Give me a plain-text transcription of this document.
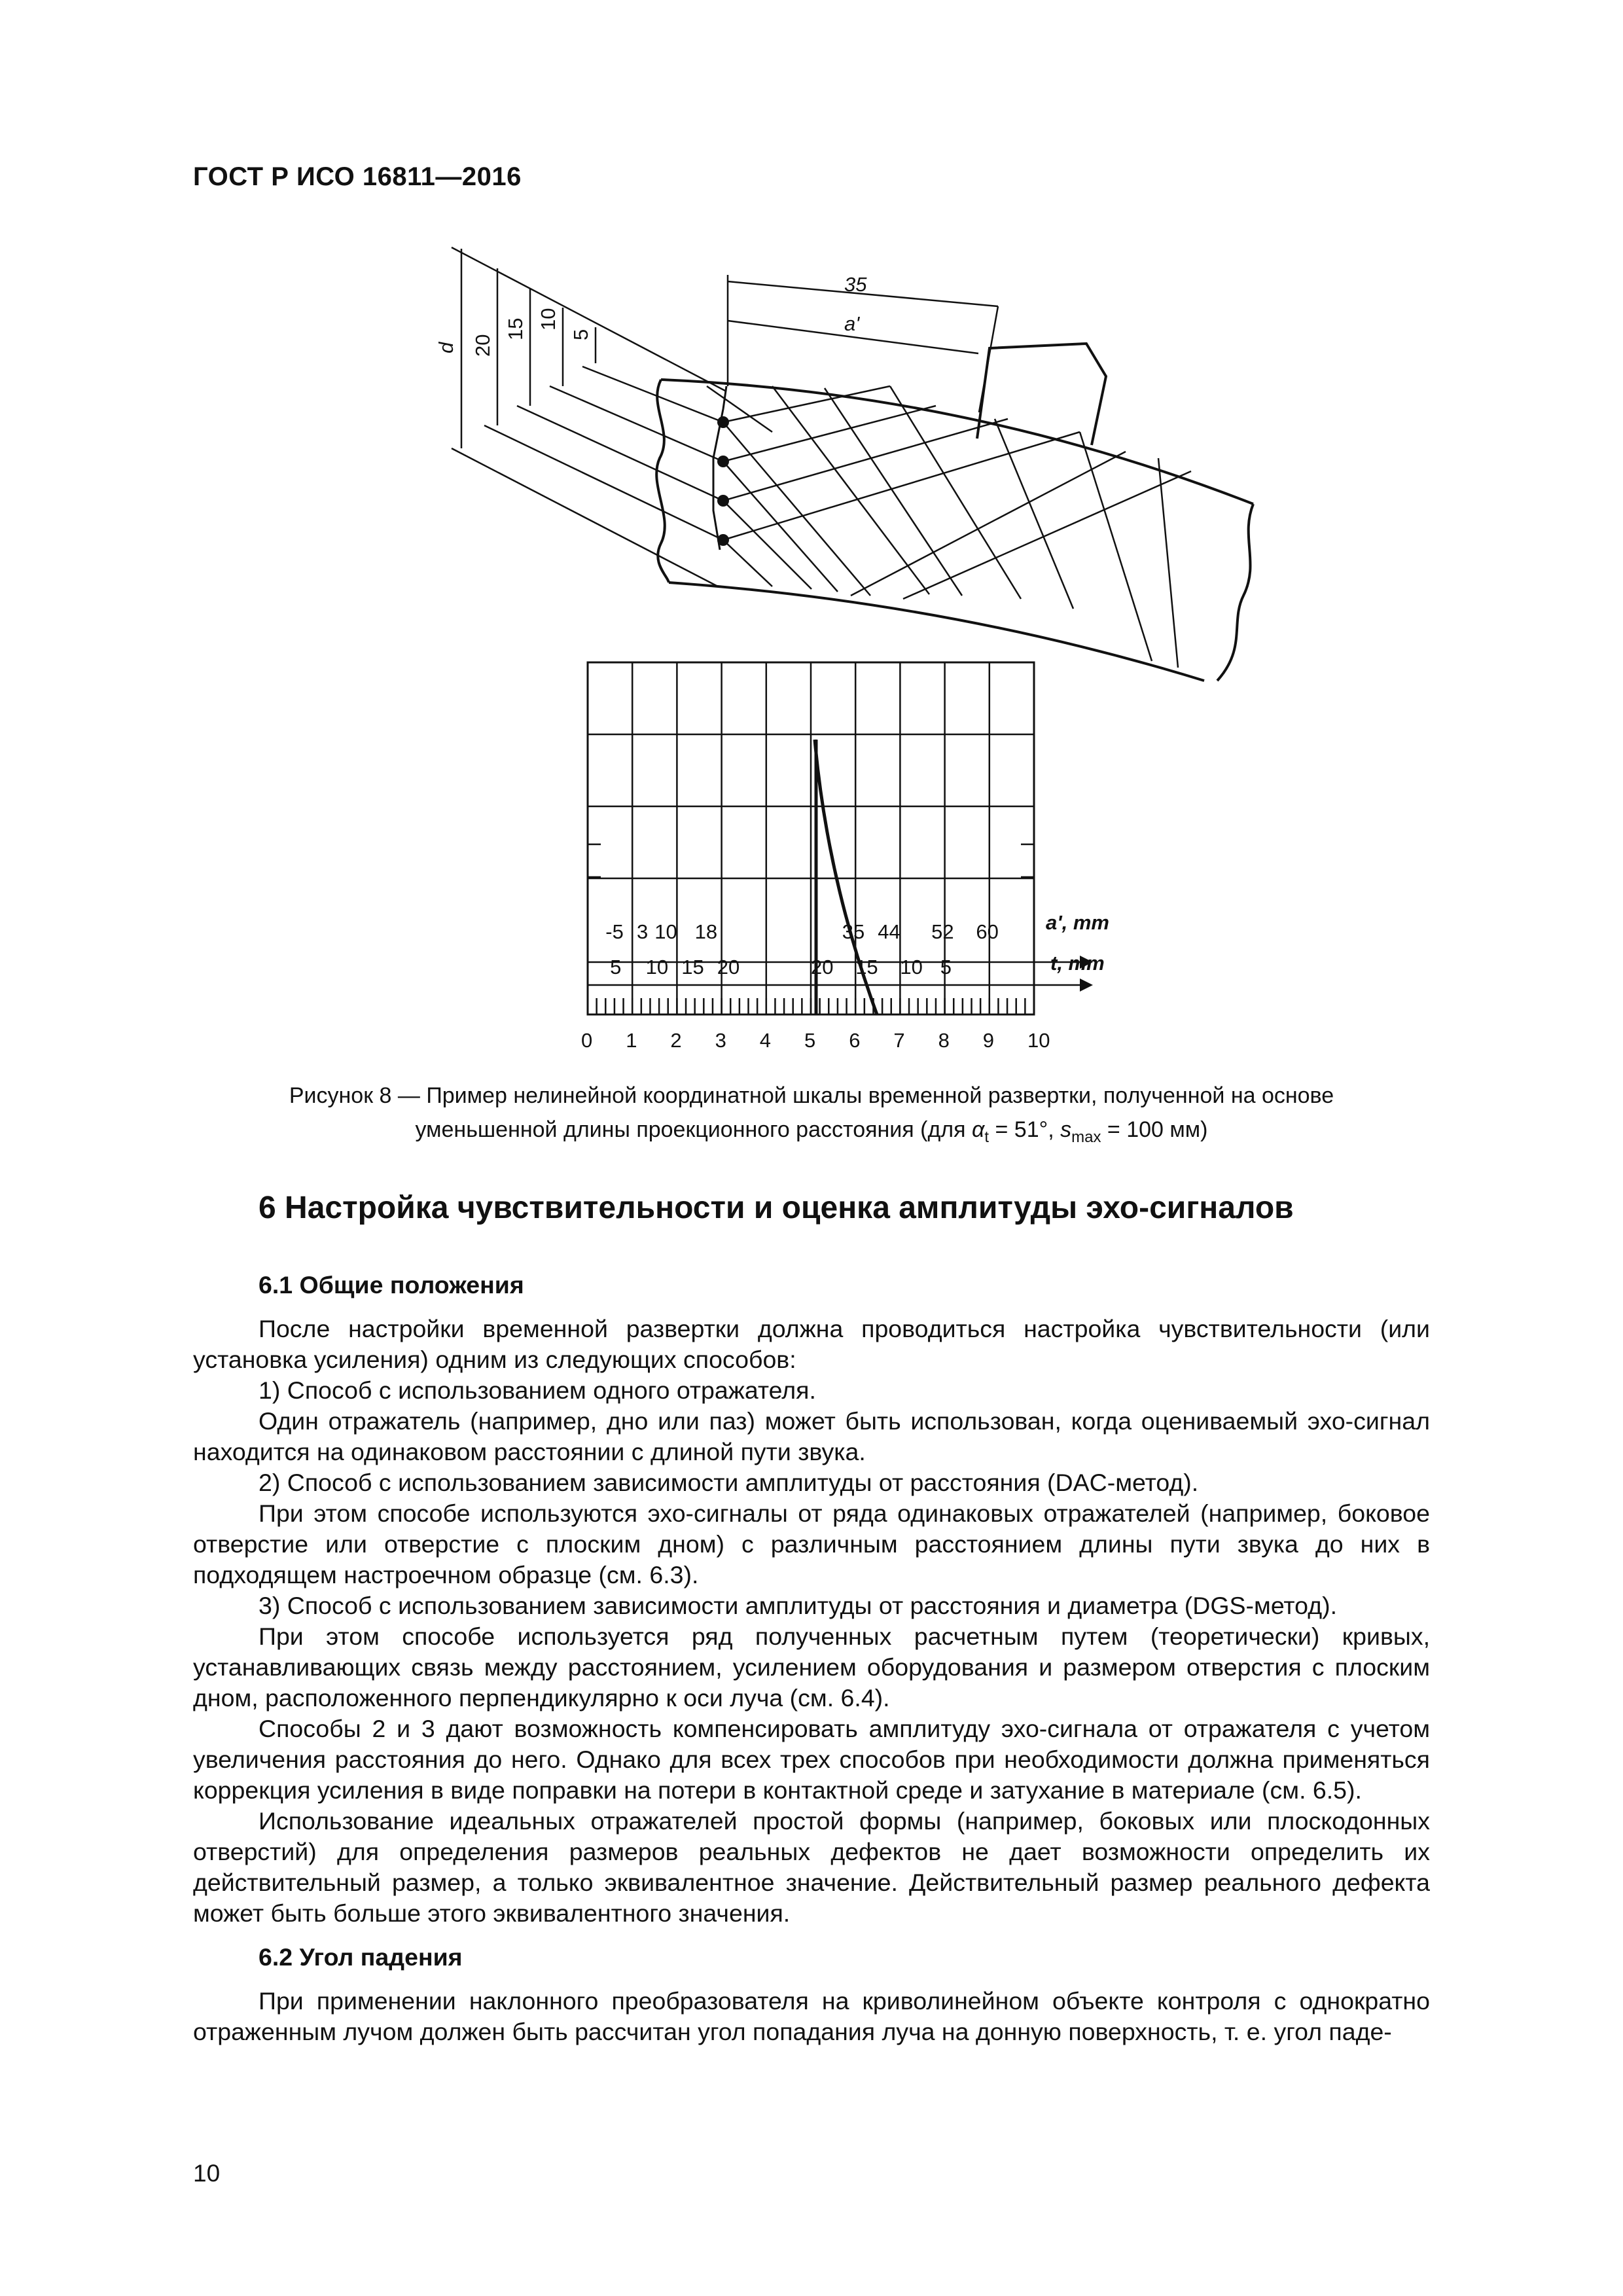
ГОСТ Р ИСО 16811—2016
d 20
15 10
5
35
a'
-5 3 10 18	35 44 52 60
5 10 15 20	20 15 10 5
0 1 2 3 4 5 6 7 8 9 10
a', mm
t, mm
Рисунок 8 — Пример нелинейной координатной шкалы временной развертки, полученной на основе
уменьшенной длины проекционного расстояния (для $\alpha_t = 51^\circ$, $s_{max} = 100$ мм)
6 Настройка чувствительности и оценка амплитуды эхо-сигналов
6.1 Общие положения

После настройки временной развертки должна проводиться настройка чувствительности (или установка усиления) одним из следующих способов:

1) Способ с использованием одного отражателя.

Один отражатель (например, дно или паз) может быть использован, когда оцениваемый эхо-сигнал находится на одинаковом расстоянии с длиной пути звука.

2) Способ с использованием зависимости амплитуды от расстояния (DAC-метод).

При этом способе используются эхо-сигналы от ряда одинаковых отражателей (например, боковое отверстие или отверстие с плоским дном) с различным расстоянием длины пути звука до них в подходящем настроечном образце (см. 6.3).

3) Способ с использованием зависимости амплитуды от расстояния и диаметра (DGS-метод).

При этом способе используется ряд полученных расчетным путем (теоретически) кривых, устанавливающих связь между расстоянием, усилением оборудования и размером отверстия с плоским дном, расположенного перпендикулярно к оси луча (см. 6.4).

Способы 2 и 3 дают возможность компенсировать амплитуду эхо-сигнала от отражателя с учетом увеличения расстояния до него. Однако для всех трех способов при необходимости должна применяться коррекция усиления в виде поправки на потери в контактной среде и затухание в материале (см. 6.5).

Использование идеальных отражателей простой формы (например, боковых или плоскодонных отверстий) для определения размеров реальных дефектов не дает возможности определить их действительный размер, а только эквивалентное значение. Действительный размер реального дефекта может быть больше этого эквивалентного значения.

6.2 Угол падения

При применении наклонного преобразователя на криволинейном объекте контроля с однократно отраженным лучом должен быть рассчитан угол попадания луча на донную поверхность, т. е. угол паде-

10
